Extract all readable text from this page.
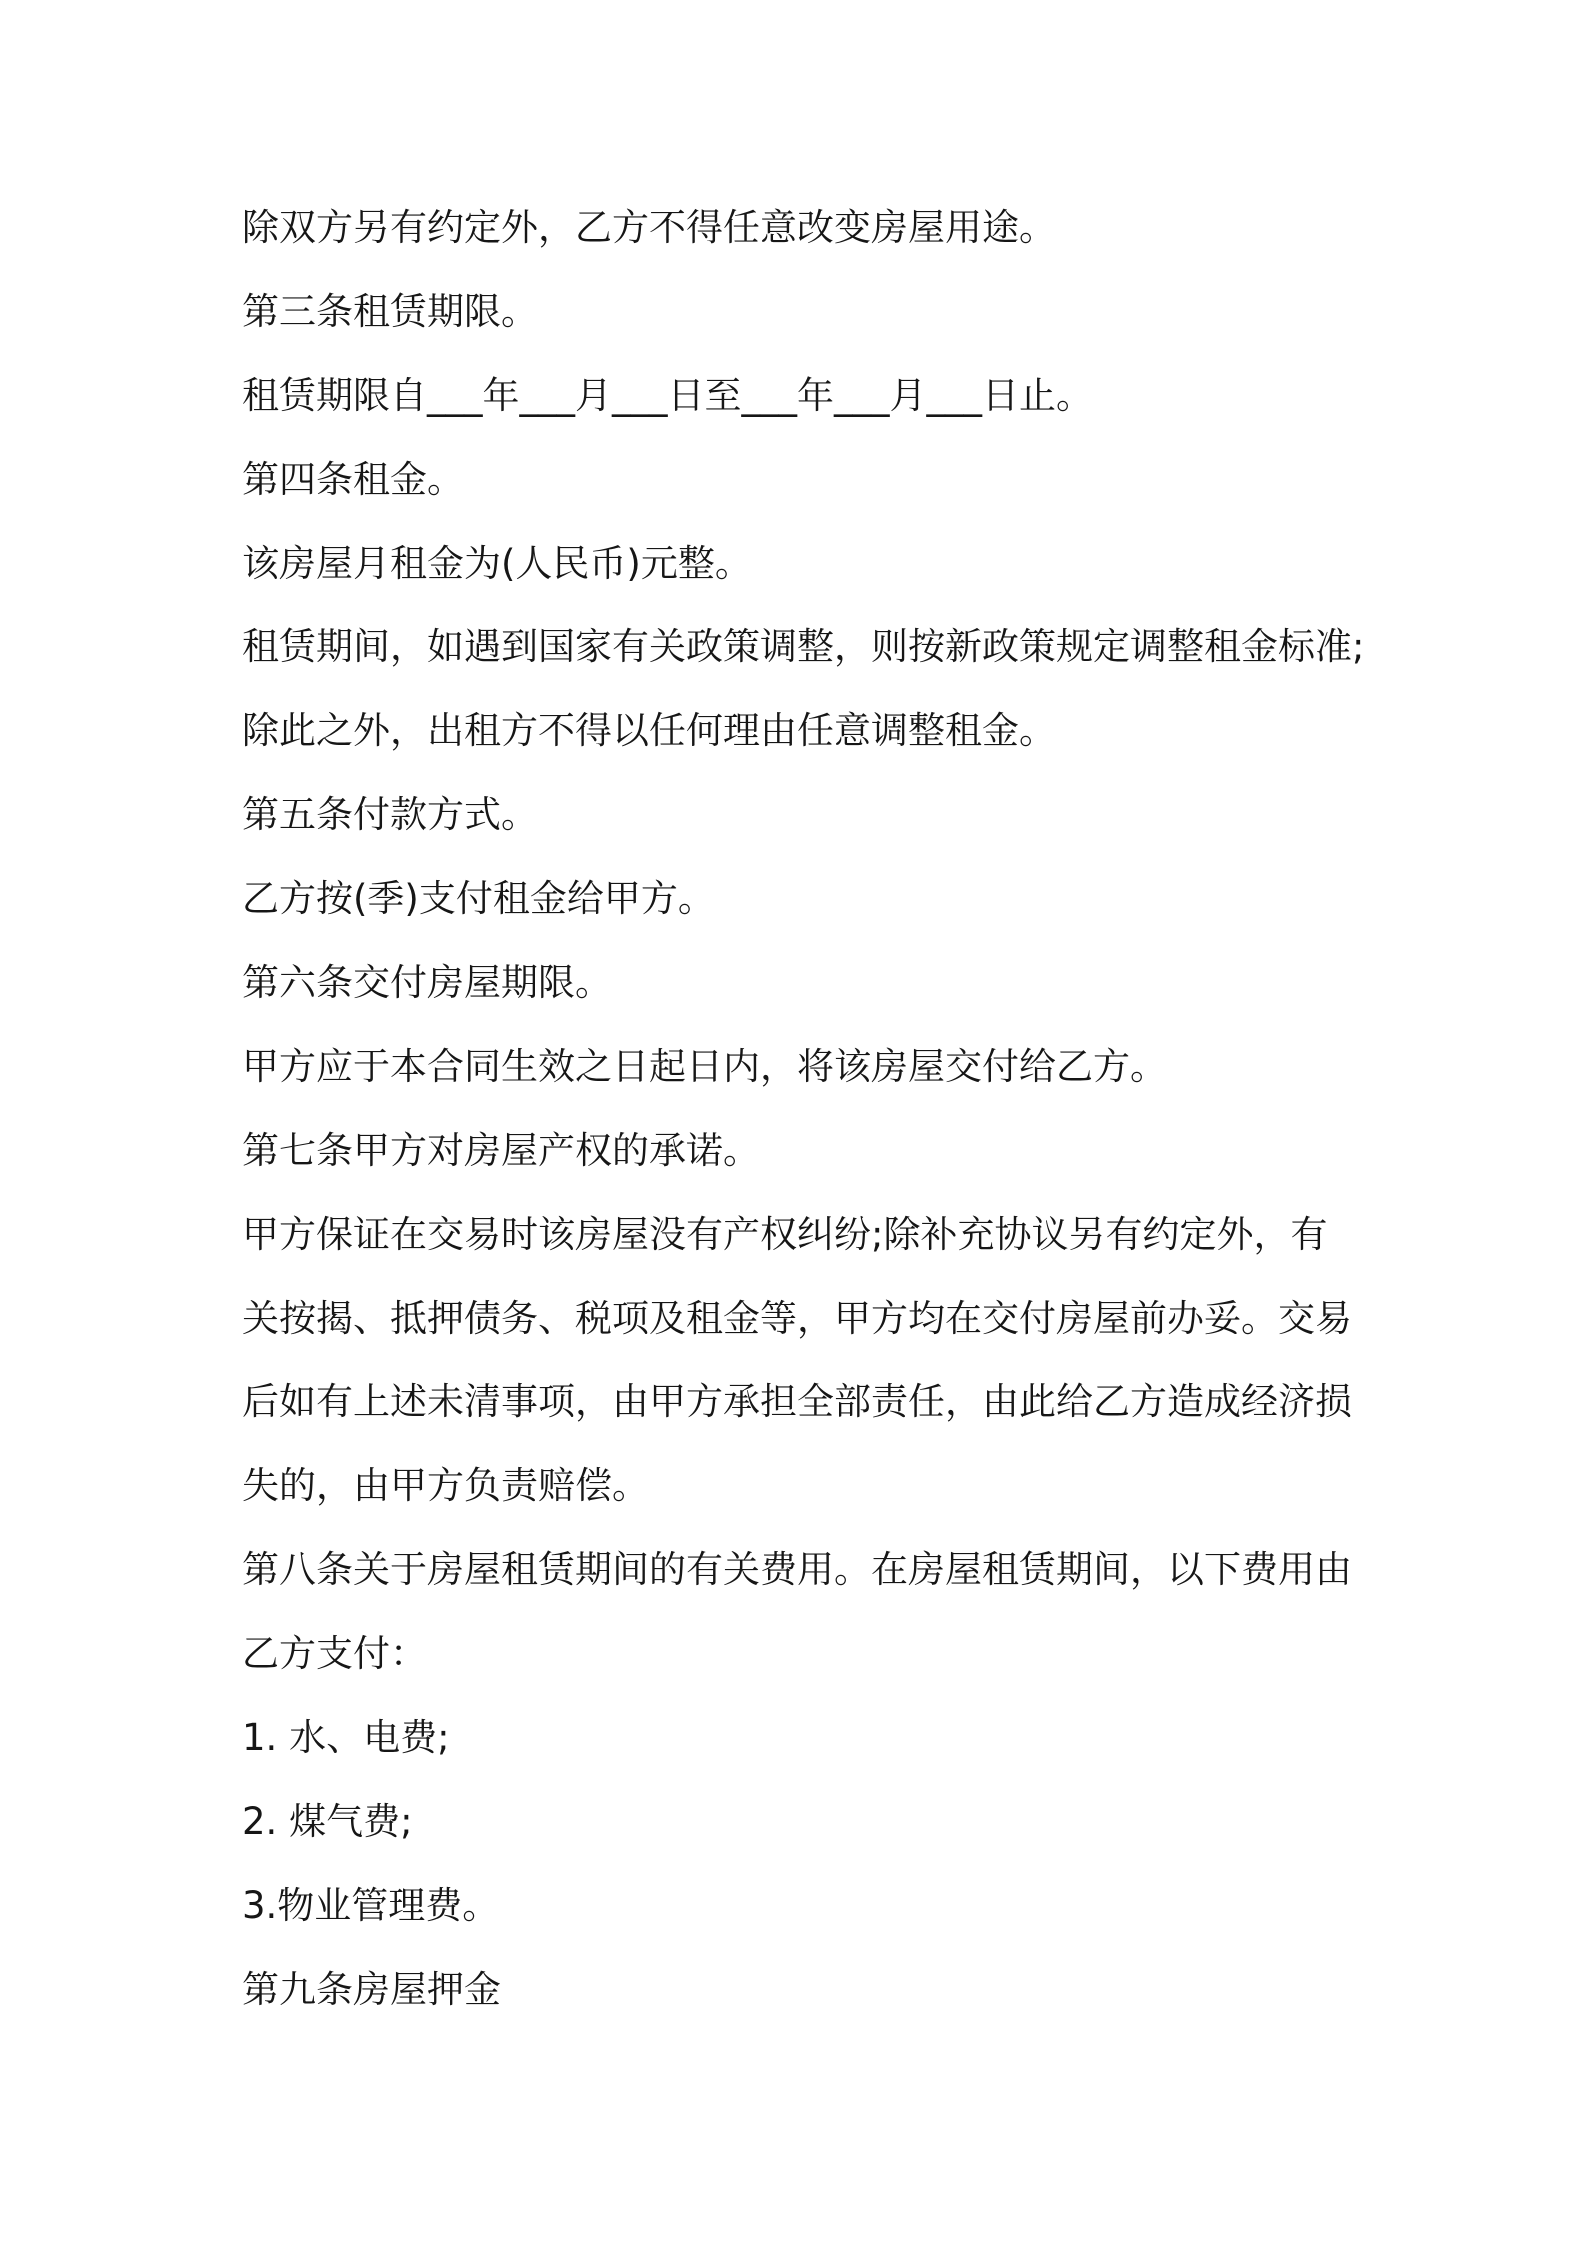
除双方另有约定外，乙方不得任意改变房屋用途。
第三条租赁期限。
租赁期限自___年___月___日至___年___月___日止。
第四条租金。
该房屋月租金为(人民币)元整。
租赁期间，如遇到国家有关政策调整，则按新政策规定调整租金标准;
除此之外，出租方不得以任何理由任意调整租金。
第五条付款方式。
乙方按(季)支付租金给甲方。
第六条交付房屋期限。
甲方应于本合同生效之日起日内，将该房屋交付给乙方。
第七条甲方对房屋产权的承诺。
甲方保证在交易时该房屋没有产权纠纷;除补充协议另有约定外，有
关按揭、抵押债务、税项及租金等，甲方均在交付房屋前办妥。交易
后如有上述未清事项，由甲方承担全部责任，由此给乙方造成经济损
失的，由甲方负责赔偿。
第八条关于房屋租赁期间的有关费用。在房屋租赁期间，以下费用由
乙方支付：
1. 水、电费;
2. 煤气费;
3.物业管理费。
第九条房屋押金
